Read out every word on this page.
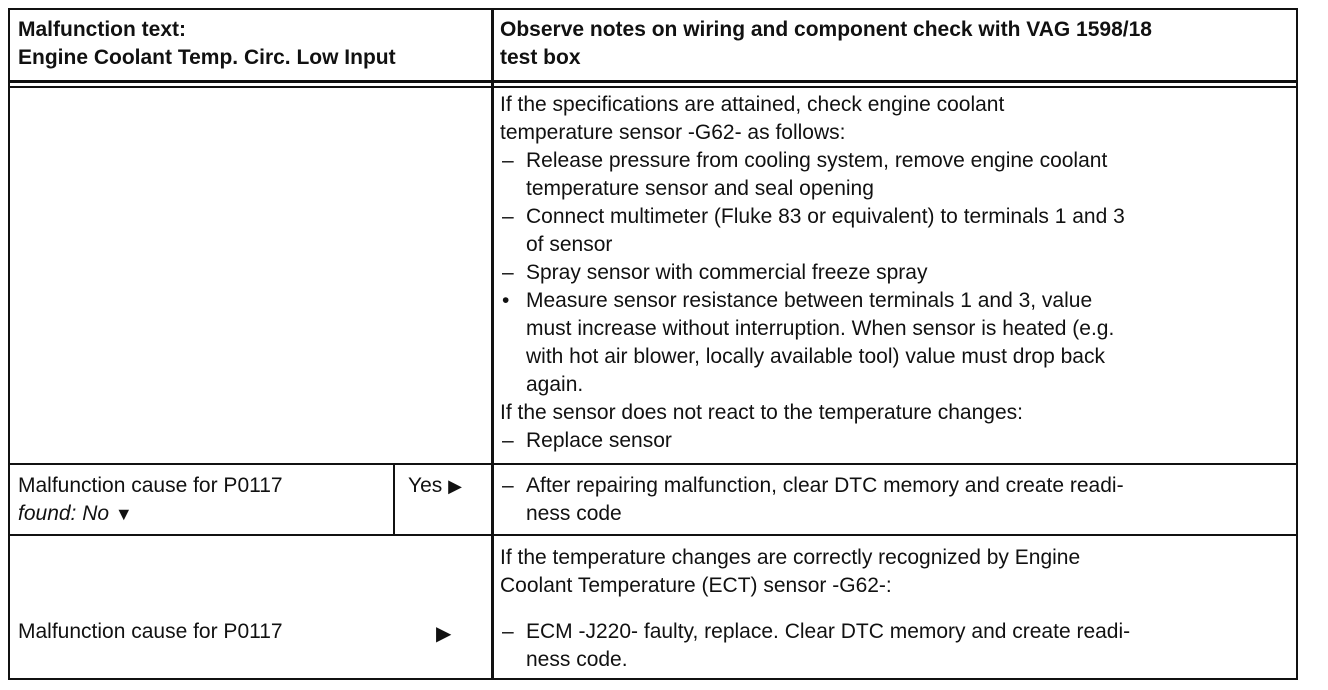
Malfunction text:
Engine Coolant Temp. Circ. Low Input
Observe notes on wiring and component check with VAG 1598/18
test box
If the specifications are attained, check engine coolant
temperature sensor -G62- as follows:
– Release pressure from cooling system, remove engine coolant
temperature sensor and seal opening
– Connect multimeter (Fluke 83 or equivalent) to terminals 1 and 3
of sensor
– Spray sensor with commercial freeze spray
• Measure sensor resistance between terminals 1 and 3, value
must increase without interruption. When sensor is heated (e.g.
with hot air blower, locally available tool) value must drop back
again.
If the sensor does not react to the temperature changes:
– Replace sensor
Malfunction cause for P0117
found: No ▼
Yes ▶ – After repairing malfunction, clear DTC memory and create readi-
ness code
If the temperature changes are correctly recognized by Engine
Coolant Temperature (ECT) sensor -G62-:
Malfunction cause for P0117	▶ – ECM -J220- faulty, replace. Clear DTC memory and create readi-
ness code.
